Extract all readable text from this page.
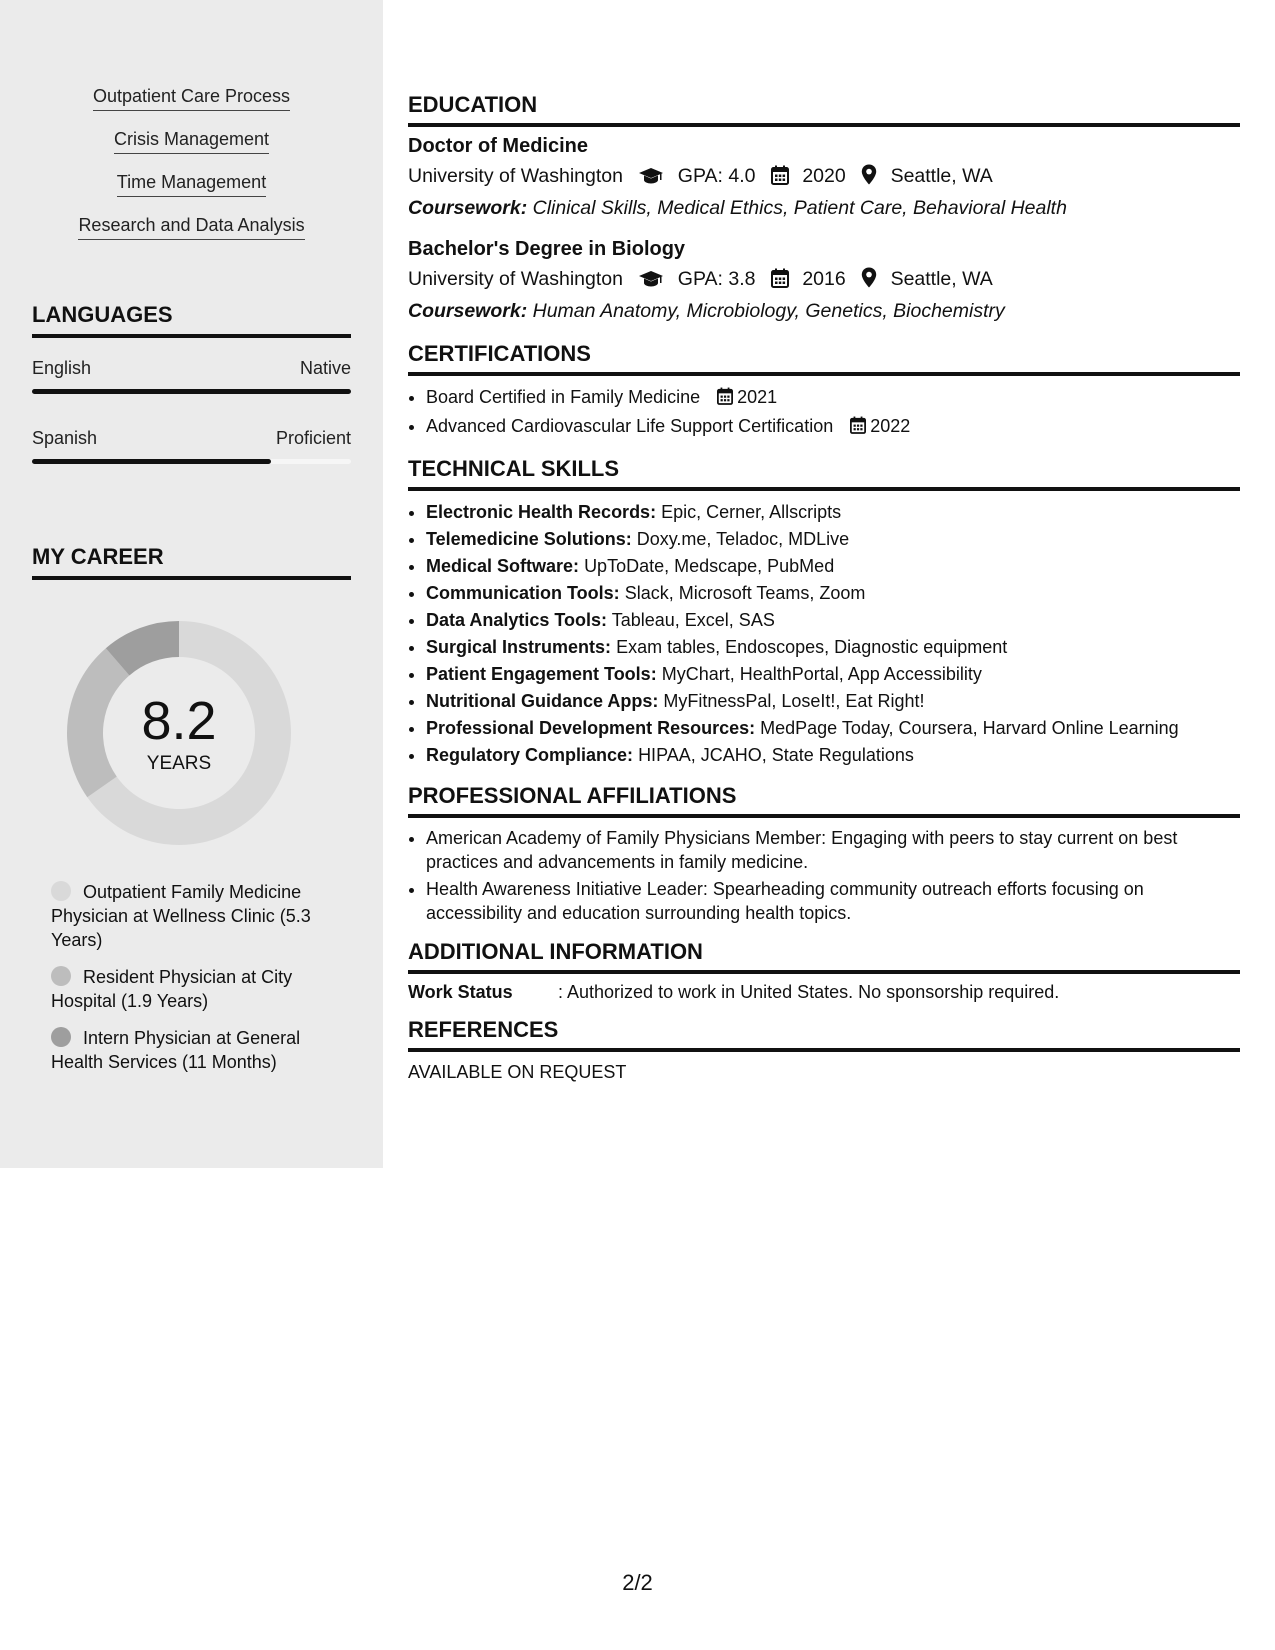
Outpatient Care Process
Crisis Management
Time Management
Research and Data Analysis
LANGUAGES
English	Native
Spanish	Proficient
MY CAREER
8.2
YEARS
Outpatient Family Medicine Physician at Wellness Clinic (5.3 Years)
Resident Physician at City Hospital (1.9 Years)
Intern Physician at General Health Services (11 Months)
EDUCATION
Doctor of Medicine
University of Washington	GPA: 4.0 2020 Seattle, WA
Coursework: Clinical Skills, Medical Ethics, Patient Care, Behavioral Health
Bachelor's Degree in Biology
University of Washington	GPA: 3.8 2016 Seattle, WA
Coursework: Human Anatomy, Microbiology, Genetics, Biochemistry
CERTIFICATIONS
• Board Certified in Family Medicine 2021
• Advanced Cardiovascular Life Support Certification 2022
TECHNICAL SKILLS
• Electronic Health Records: Epic, Cerner, Allscripts
• Telemedicine Solutions: Doxy.me, Teladoc, MDLive
• Medical Software: UpToDate, Medscape, PubMed
• Communication Tools: Slack, Microsoft Teams, Zoom
• Data Analytics Tools: Tableau, Excel, SAS
• Surgical Instruments: Exam tables, Endoscopes, Diagnostic equipment
• Patient Engagement Tools: MyChart, HealthPortal, App Accessibility
• Nutritional Guidance Apps: MyFitnessPal, LoseIt!, Eat Right!
• Professional Development Resources: MedPage Today, Coursera, Harvard Online Learning
• Regulatory Compliance: HIPAA, JCAHO, State Regulations
PROFESSIONAL AFFILIATIONS
• American Academy of Family Physicians Member: Engaging with peers to stay current on best practices and advancements in family medicine.
• Health Awareness Initiative Leader: Spearheading community outreach efforts focusing on accessibility and education surrounding health topics.
ADDITIONAL INFORMATION
Work Status	: Authorized to work in United States. No sponsorship required.
REFERENCES
AVAILABLE ON REQUEST
2/2
